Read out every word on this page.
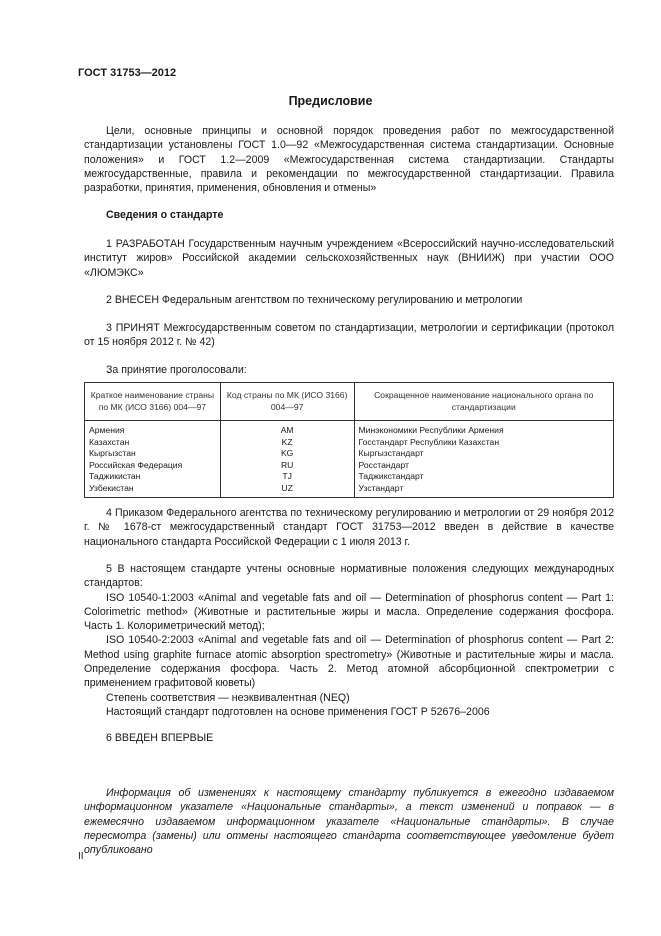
ГОСТ 31753—2012
Предисловие
Цели, основные принципы и основной порядок проведения работ по межгосударственной стандартизации установлены ГОСТ 1.0—92 «Межгосударственная система стандартизации. Основные положения» и ГОСТ 1.2—2009 «Межгосударственная система стандартизации. Стандарты межгосударственные, правила и рекомендации по межгосударственной стандартизации. Правила разработки, принятия, применения, обновления и отмены»
Сведения о стандарте
1 РАЗРАБОТАН Государственным научным учреждением «Всероссийский научно-исследовательский институт жиров» Российской академии сельскохозяйственных наук (ВНИИЖ) при участии ООО «ЛЮМЭКС»
2 ВНЕСЕН Федеральным агентством по техническому регулированию и метрологии
3 ПРИНЯТ Межгосударственным советом по стандартизации, метрологии и сертификации (протокол от 15 ноября 2012 г. № 42)
За принятие проголосовали:
Краткое наименование страны по МК (ИСО 3166) 004—97	Код страны по МК (ИСО 3166) 004—97	Сокращенное наименование национального органа по стандартизации
Армения	AM	Минэкономики Республики Армения
Казахстан	KZ	Госстандарт Республики Казахстан
Кыргызстан	KG	Кыргызстандарт
Российская Федерация	RU	Росстандарт
Таджикистан	TJ	Таджикстандарт
Узбекистан	UZ	Узстандарт
4 Приказом Федерального агентства по техническому регулированию и метрологии от 29 ноября 2012 г. № 1678-ст межгосударственный стандарт ГОСТ 31753—2012 введен в действие в качестве национального стандарта Российской Федерации с 1 июля 2013 г.

5 В настоящем стандарте учтены основные нормативные положения следующих международных стандартов:

ISO 10540-1:2003 «Animal and vegetable fats and oil — Determination of phosphorus content — Part 1: Colorimetric method» (Животные и растительные жиры и масла. Определение содержания фосфора. Часть 1. Колориметрический метод);

ISO 10540-2:2003 «Animal and vegetable fats and oil — Determination of phosphorus content — Part 2: Method using graphite furnace atomic absorption spectrometry» (Животные и растительные жиры и масла. Определение содержания фосфора. Часть 2. Метод атомной абсорбционной спектрометрии с применением графитовой кюветы)

Степень соответствия — неэквивалентная (NEQ)

Настоящий стандарт подготовлен на основе применения ГОСТ Р 52676–2006

6 ВВЕДЕН ВПЕРВЫЕ
Информация об изменениях к настоящему стандарту публикуется в ежегодно издаваемом информационном указателе «Национальные стандарты», а текст изменений и поправок — в ежемесячно издаваемом информационном указателе «Национальные стандарты». В случае пересмотра (замены) или отмены настоящего стандарта соответствующее уведомление будет опубликовано
II
